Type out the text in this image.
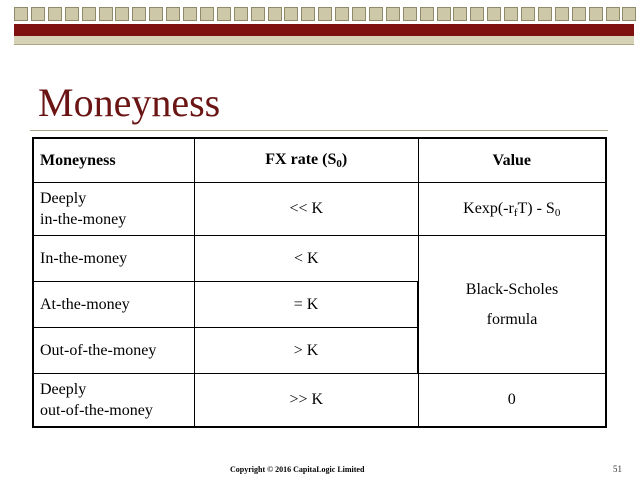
Moneyness
Moneyness	FX rate $(S_0)$	Value
Deeply
in-the-money	<< K	$Kexp(-r_fT) - S_0$
In-the-money	< K	Black-Scholes
formula
At-the-money	= K	
Out-of-the-money	> K	
Deeply
out-of-the-money	>> K	0
Copyright © 2016 CapitaLogic Limited	51
